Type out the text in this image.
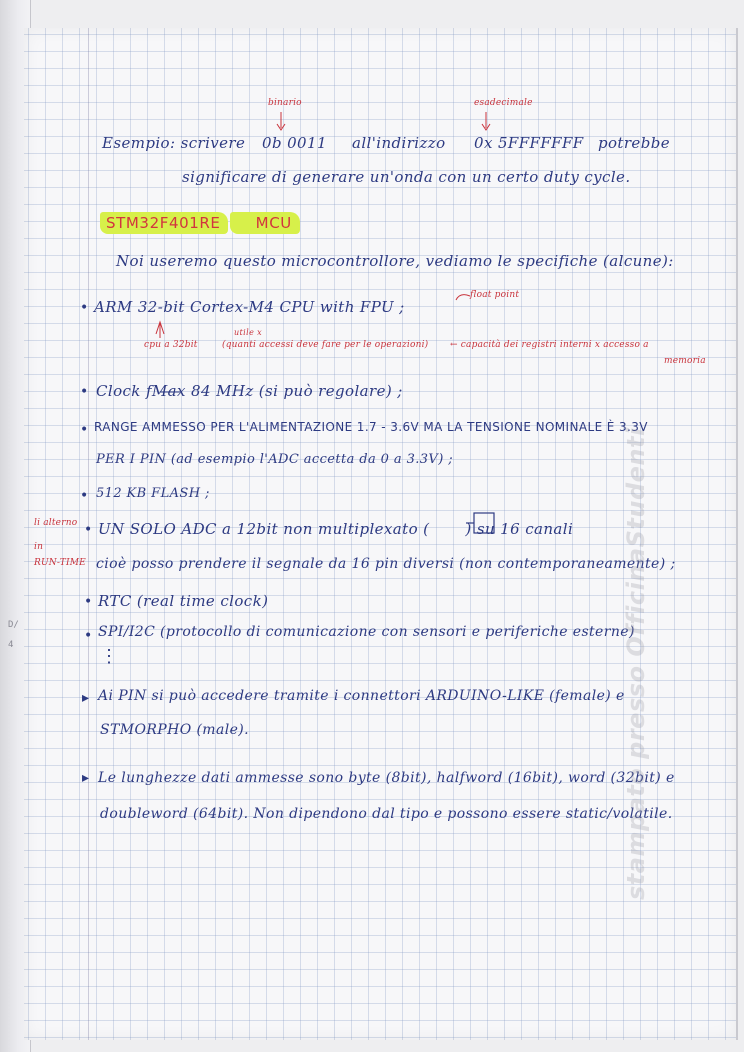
D/
4
binario	esadecimale
Esempio: scrivere 0b 0011 all'indirizzo 0x 5FFFFFFF potrebbe
significare di generare un'onda con un certo duty cycle.
STM32F401RE MCU
Noi useremo questo microcontrollore, vediamo le specifiche (alcune):
• ARM 32-bit Cortex-M4 CPU with FPU ;
float point
cpu a 32bit
utile x
(quanti accessi deve fare per le operazioni) ← capacità dei registri interni x accesso a
memoria
• Clock fMax 84 MHz (si può regolare) ;
• RANGE AMMESSO PER L'ALIMENTAZIONE 1.7 - 3.6V MA LA TENSIONE NOMINALE È 3.3V
PER I PIN (ad esempio l'ADC accetta da 0 a 3.3V) ;
• 512 KB FLASH ;
li alterno
in
RUN-TIME
• UN SOLO ADC a 12bit non multiplexato ( ) su 16 canali
cioè posso prendere il segnale da 16 pin diversi (non contemporaneamente) ;
• RTC (real time clock)
• SPI/I2C (protocollo di comunicazione con sensori e periferiche esterne)
⋮
▸ Ai PIN si può accedere tramite i connettori ARDUINO-LIKE (female) e
STMORPHO (male).
▸ Le lunghezze dati ammesse sono byte (8bit), halfword (16bit), word (32bit) e
doubleword (64bit). Non dipendono dal tipo e possono essere static/volatile.
stampato presso OfficinaStudenti
